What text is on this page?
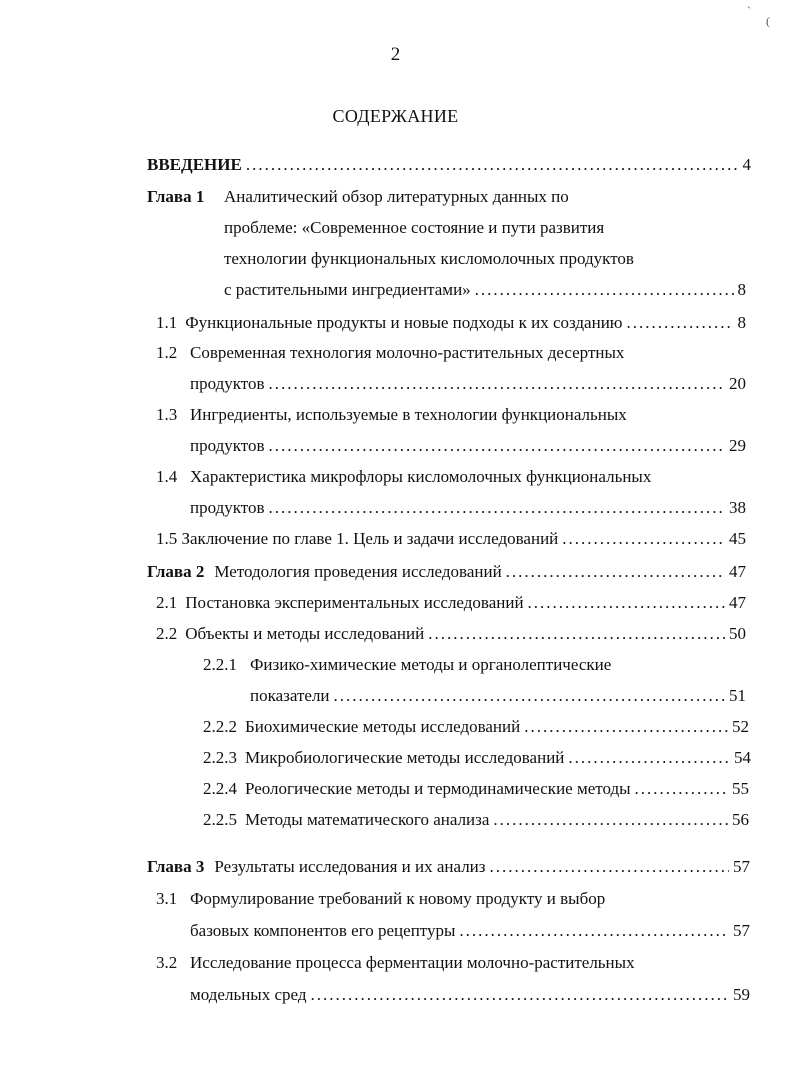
2
СОДЕРЖАНИЕ
`
(
ВВЕДЕНИЕ .....	4
Глава 1 Аналитический обзор литературных данных по
проблеме: «Современное состояние и пути развития
технологии функциональных кисломолочных продуктов
с растительными ингредиентами» .....	8
1.1 Функциональные продукты и новые подходы к их созданию .....	8
1.2 Современная технология молочно-растительных десертных
продуктов .....	20
1.3 Ингредиенты, используемые в технологии функциональных
продуктов .....	29
1.4 Характеристика микрофлоры кисломолочных функциональных
продуктов .....	38
1.5 Заключение по главе 1. Цель и задачи исследований .....	45
Глава 2 Методология проведения исследований .....	47
2.1 Постановка экспериментальных исследований .....	47
2.2 Объекты и методы исследований .....	50
2.2.1 Физико-химические методы и органолептические
показатели .....	51
2.2.2 Биохимические методы исследований .....	52
2.2.3 Микробиологические методы исследований .....	54
2.2.4 Реологические методы и термодинамические методы .....	55
2.2.5 Методы математического анализа .....	56
Глава 3 Результаты исследования и их анализ .....	57
3.1 Формулирование требований к новому продукту и выбор
базовых компонентов его рецептуры .....	57
3.2 Исследование процесса ферментации молочно-растительных
модельных сред .....	59
